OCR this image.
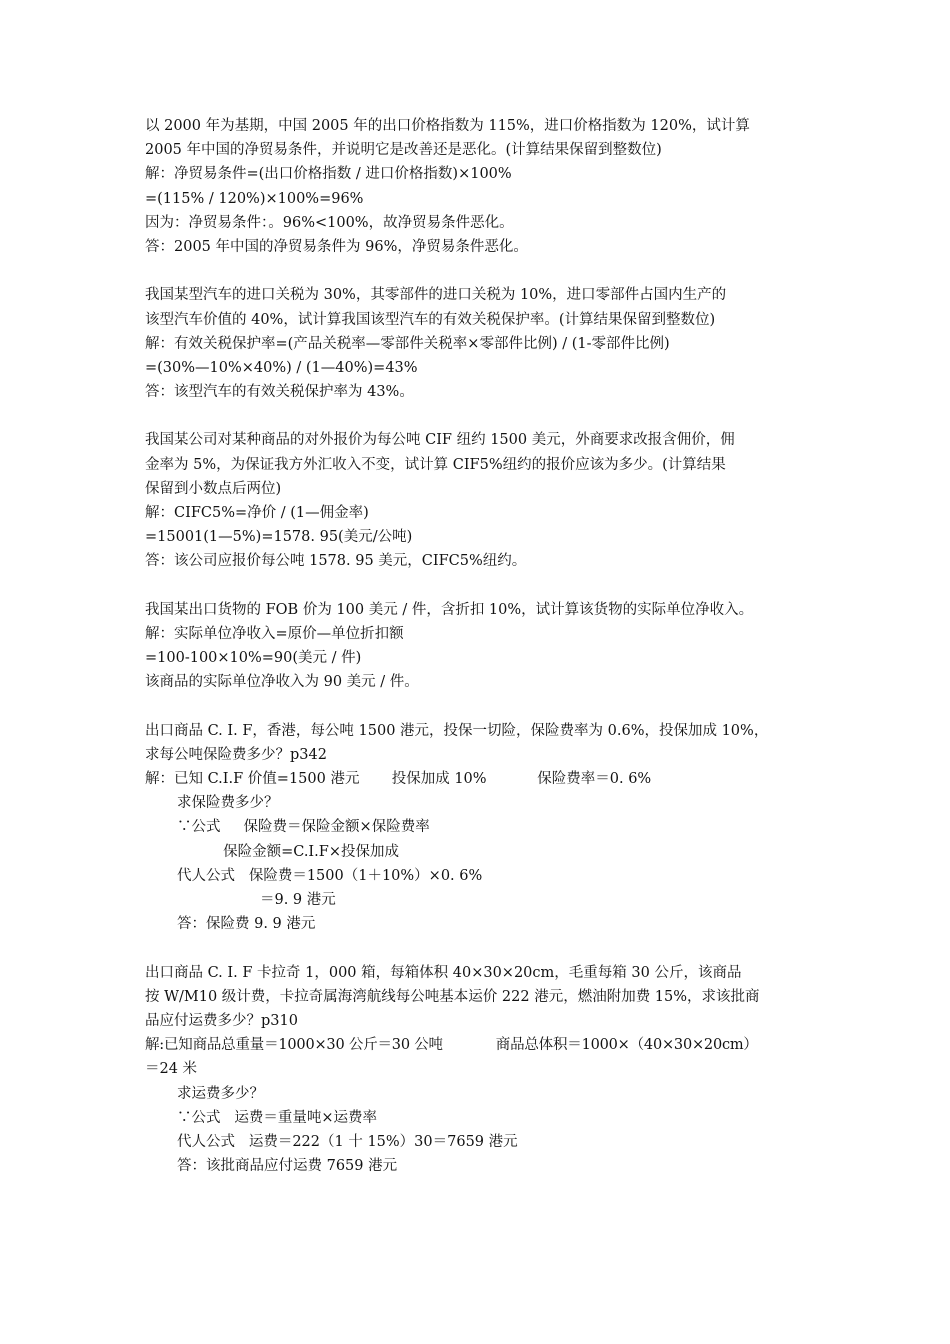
以 2000 年为基期，中国 2005 年的出口价格指数为 115%，进口价格指数为 120%，试计算
2005 年中国的净贸易条件，并说明它是改善还是恶化。(计算结果保留到整数位)
解：净贸易条件=(出口价格指数 / 进口价格指数)×100%
=(115% / 120%)×100%=96%
因为：净贸易条件：。96%<100%，故净贸易条件恶化。
答：2005 年中国的净贸易条件为 96%，净贸易条件恶化。
我国某型汽车的进口关税为 30%，其零部件的进口关税为 10%，进口零部件占国内生产的
该型汽车价值的 40%，试计算我国该型汽车的有效关税保护率。(计算结果保留到整数位)
解：有效关税保护率=(产品关税率—零部件关税率×零部件比例) / (1-零部件比例)
=(30%—10%×40%) / (1—40%)=43%
答：该型汽车的有效关税保护率为 43%。
我国某公司对某种商品的对外报价为每公吨 CIF 纽约 1500 美元，外商要求改报含佣价，佣
金率为 5%，为保证我方外汇收入不变，试计算 CIF5%纽约的报价应该为多少。(计算结果
保留到小数点后两位)
解：CIFC5%=净价 / (1—佣金率)
=15001(1—5%)=1578. 95(美元/公吨)
答：该公司应报价每公吨 1578. 95 美元，CIFC5%纽约。
我国某出口货物的 FOB 价为 100 美元 / 件，含折扣 10%，试计算该货物的实际单位净收入。
解：实际单位净收入=原价—单位折扣额
=100-100×10%=90(美元 / 件)
该商品的实际单位净收入为 90 美元 / 件。
出口商品 C. I. F，香港，每公吨 1500 港元，投保一切险，保险费率为 0.6%，投保加成 10%，
求每公吨保险费多少？p342
解：已知 C.I.F 价值=1500 港元       投保加成 10%           保险费率＝0. 6%
求保险费多少？
∵公式     保险费＝保险金额×保险费率
保险金额=C.I.F×投保加成
代人公式   保险费＝1500（1＋10%）×0. 6%
＝9. 9 港元
答：保险费 9. 9 港元
出口商品 C. I. F 卡拉奇 1，000 箱，每箱体积 40×30×20cm，毛重每箱 30 公斤，该商品
按 W/M10 级计费，卡拉奇属海湾航线每公吨基本运价 222 港元，燃油附加费 15%，求该批商
品应付运费多少？p310
解:已知商品总重量＝1000×30 公斤＝30 公吨            商品总体积＝1000×（40×30×20cm）
＝24 米
求运费多少？
∵公式   运费＝重量吨×运费率
代人公式   运费＝222（1 十 15%）30＝7659 港元
答：该批商品应付运费 7659 港元
